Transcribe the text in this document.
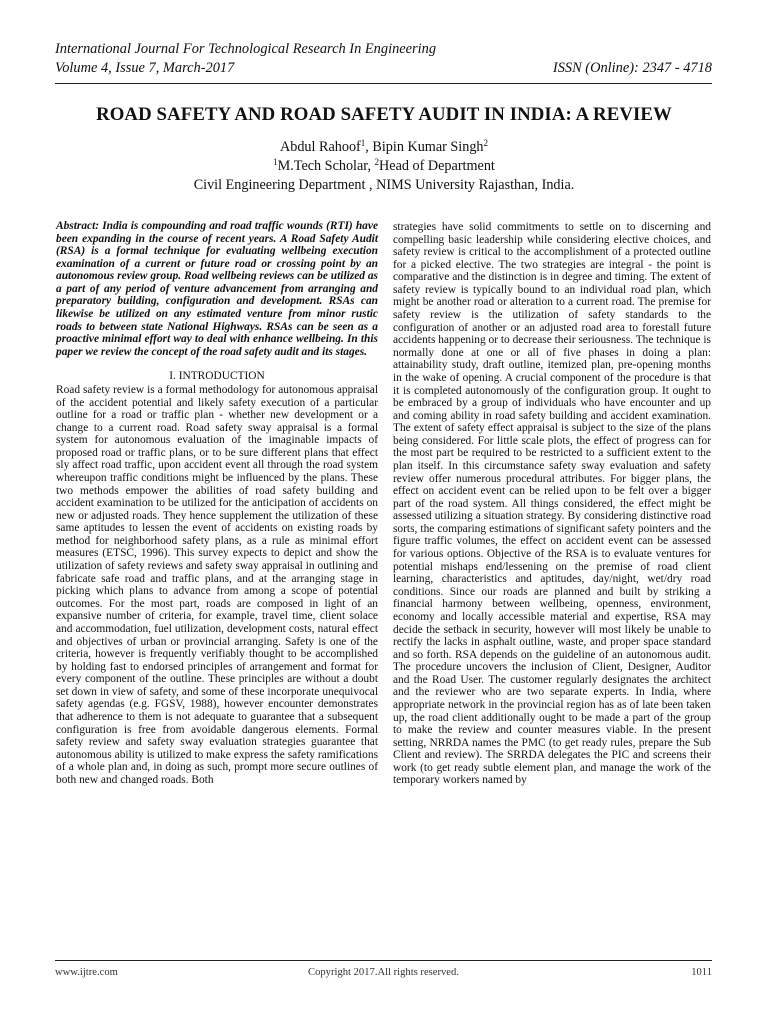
International Journal For Technological Research In Engineering
Volume 4, Issue 7, March-2017	ISSN (Online): 2347 - 4718
ROAD SAFETY AND ROAD SAFETY AUDIT IN INDIA: A REVIEW
Abdul Rahoof$^1$, Bipin Kumar Singh$^2$
$^1$M.Tech Scholar, $^2$Head of Department
Civil Engineering Department , NIMS University Rajasthan, India.

Abstract: India is compounding and road traffic wounds (RTI) have been expanding in the course of recent years. A Road Safety Audit (RSA) is a formal technique for evaluating wellbeing execution examination of a current or future road or crossing point by an autonomous review group. Road wellbeing reviews can be utilized as a part of any period of venture advancement from arranging and preparatory building, configuration and development. RSAs can likewise be utilized on any estimated venture from minor rustic roads to between state National Highways. RSAs can be seen as a proactive minimal effort way to deal with enhance wellbeing. In this paper we review the concept of the road safety audit and its stages.

I. INTRODUCTION

Road safety review is a formal methodology for autonomous appraisal of the accident potential and likely safety execution of a particular outline for a road or traffic plan - whether new development or a change to a current road. Road safety sway appraisal is a formal system for autonomous evaluation of the imaginable impacts of proposed road or traffic plans, or to be sure different plans that effect sly affect road traffic, upon accident event all through the road system whereupon traffic conditions might be influenced by the plans. These two methods empower the abilities of road safety building and accident examination to be utilized for the anticipation of accidents on new or adjusted roads. They hence supplement the utilization of these same aptitudes to lessen the event of accidents on existing roads by method for neighborhood safety plans, as a rule as minimal effort measures (ETSC, 1996). This survey expects to depict and show the utilization of safety reviews and safety sway appraisal in outlining and fabricate safe road and traffic plans, and at the arranging stage in picking which plans to advance from among a scope of potential outcomes. For the most part, roads are composed in light of an expansive number of criteria, for example, travel time, client solace and accommodation, fuel utilization, development costs, natural effect and objectives of urban or provincial arranging. Safety is one of the criteria, however is frequently verifiably thought to be accomplished by holding fast to endorsed principles of arrangement and format for every component of the outline. These principles are without a doubt set down in view of safety, and some of these incorporate unequivocal safety agendas (e.g. FGSV, 1988), however encounter demonstrates that adherence to them is not adequate to guarantee that a subsequent configuration is free from avoidable dangerous elements. Formal safety review and safety sway evaluation strategies guarantee that autonomous ability is utilized to make express the safety ramifications of a whole plan and, in doing as such, prompt more secure outlines of both new and changed roads. Both

strategies have solid commitments to settle on to discerning and compelling basic leadership while considering elective choices, and safety review is critical to the accomplishment of a protected outline for a picked elective. The two strategies are integral - the point is comparative and the distinction is in degree and timing. The extent of safety review is typically bound to an individual road plan, which might be another road or alteration to a current road. The premise for safety review is the utilization of safety standards to the configuration of another or an adjusted road area to forestall future accidents happening or to decrease their seriousness. The technique is normally done at one or all of five phases in doing a plan: attainability study, draft outline, itemized plan, pre-opening months in the wake of opening. A crucial component of the procedure is that it is completed autonomously of the configuration group. It ought to be embraced by a group of individuals who have encounter and up and coming ability in road safety building and accident examination. The extent of safety effect appraisal is subject to the size of the plans being considered. For little scale plots, the effect of progress can for the most part be required to be restricted to a sufficient extent to the plan itself. In this circumstance safety sway evaluation and safety review offer numerous procedural attributes. For bigger plans, the effect on accident event can be relied upon to be felt over a bigger part of the road system. All things considered, the effect might be assessed utilizing a situation strategy. By considering distinctive road sorts, the comparing estimations of significant safety pointers and the figure traffic volumes, the effect on accident event can be assessed for various options. Objective of the RSA is to evaluate ventures for potential mishaps end/lessening on the premise of road client learning, characteristics and aptitudes, day/night, wet/dry road conditions. Since our roads are planned and built by striking a financial harmony between wellbeing, openness, environment, economy and locally accessible material and expertise, RSA may decide the setback in security, however will most likely be unable to rectify the lacks in asphalt outline, waste, and proper space standard and so forth. RSA depends on the guideline of an autonomous audit. The procedure uncovers the inclusion of Client, Designer, Auditor and the Road User. The customer regularly designates the architect and the reviewer who are two separate experts. In India, where appropriate network in the provincial region has as of late been taken up, the road client additionally ought to be made a part of the group to make the review and counter measures viable. In the present setting, NRRDA names the PMC (to get ready rules, prepare the Sub Client and review). The SRRDA delegates the PIC and screens their work (to get ready subtle element plan, and manage the work of the temporary workers named by

www.ijtre.com	Copyright 2017.All rights reserved.	1011
